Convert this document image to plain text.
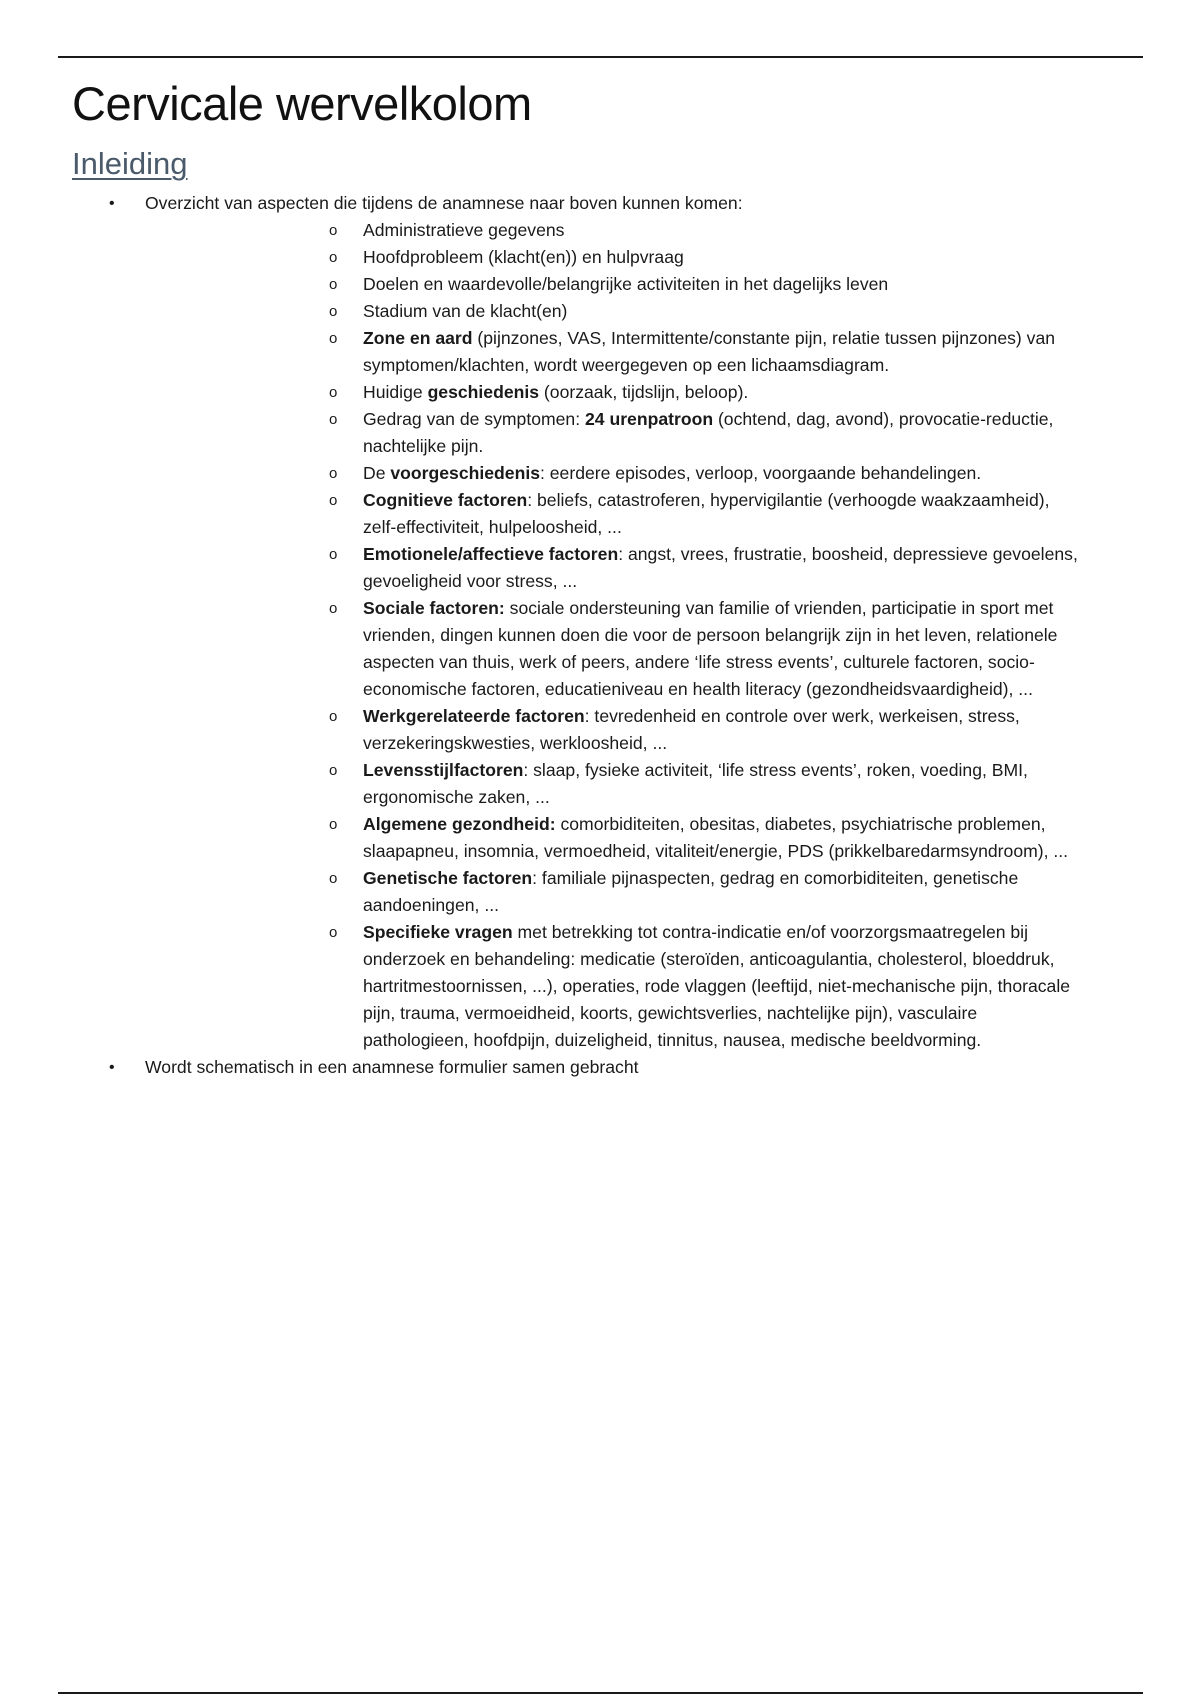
Cervicale wervelkolom
Inleiding
• Overzicht van aspecten die tijdens de anamnese naar boven kunnen komen:
o Administratieve gegevens
o Hoofdprobleem (klacht(en)) en hulpvraag
o Doelen en waardevolle/belangrijke activiteiten in het dagelijks leven
o Stadium van de klacht(en)
o Zone en aard (pijnzones, VAS, Intermittente/constante pijn, relatie tussen pijnzones) van symptomen/klachten, wordt weergegeven op een lichaamsdiagram.
o Huidige geschiedenis (oorzaak, tijdslijn, beloop).
o Gedrag van de symptomen: 24 urenpatroon (ochtend, dag, avond), provocatie-reductie, nachtelijke pijn.
o De voorgeschiedenis: eerdere episodes, verloop, voorgaande behandelingen.
o Cognitieve factoren: beliefs, catastroferen, hypervigilantie (verhoogde waakzaamheid), zelf-effectiviteit, hulpeloosheid, ...
o Emotionele/affectieve factoren: angst, vrees, frustratie, boosheid, depressieve gevoelens, gevoeligheid voor stress, ...
o Sociale factoren: sociale ondersteuning van familie of vrienden, participatie in sport met vrienden, dingen kunnen doen die voor de persoon belangrijk zijn in het leven, relationele aspecten van thuis, werk of peers, andere ‘life stress events’, culturele factoren, socio-economische factoren, educatieniveau en health literacy (gezondheidsvaardigheid), ...
o Werkgerelateerde factoren: tevredenheid en controle over werk, werkeisen, stress, verzekeringskwesties, werkloosheid, ...
o Levensstijlfactoren: slaap, fysieke activiteit, ‘life stress events’, roken, voeding, BMI, ergonomische zaken, ...
o Algemene gezondheid: comorbiditeiten, obesitas, diabetes, psychiatrische problemen, slaapapneu, insomnia, vermoedheid, vitaliteit/energie, PDS (prikkelbaredarmsyndroom), ...
o Genetische factoren: familiale pijnaspecten, gedrag en comorbiditeiten, genetische aandoeningen, ...
o Specifieke vragen met betrekking tot contra-indicatie en/of voorzorgsmaatregelen bij onderzoek en behandeling: medicatie (steroïden, anticoagulantia, cholesterol, bloeddruk, hartritmestoornissen, ...), operaties, rode vlaggen (leeftijd, niet-mechanische pijn, thoracale pijn, trauma, vermoeidheid, koorts, gewichtsverlies, nachtelijke pijn), vasculaire pathologieen, hoofdpijn, duizeligheid, tinnitus, nausea, medische beeldvorming.
• Wordt schematisch in een anamnese formulier samen gebracht
